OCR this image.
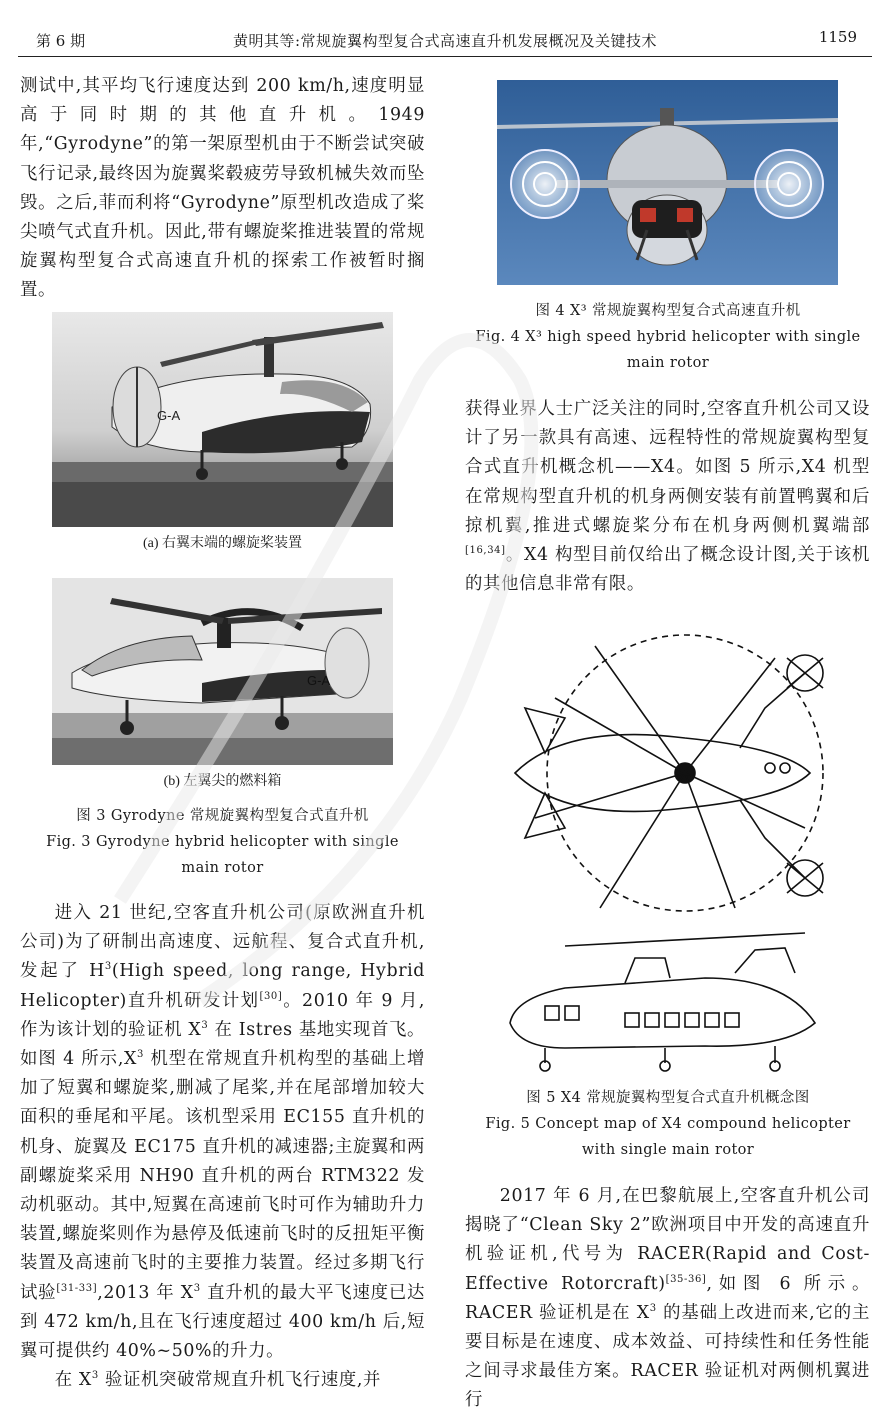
第 6 期	黄明其等:常规旋翼构型复合式高速直升机发展概况及关键技术	1159

测试中,其平均飞行速度达到 200 km/h,速度明显高于同时期的其他直升机。1949 年,“Gyrodyne”的第一架原型机由于不断尝试突破飞行记录,最终因为旋翼桨毂疲劳导致机械失效而坠毁。之后,菲而利将“Gyrodyne”原型机改造成了桨尖喷气式直升机。因此,带有螺旋桨推进装置的常规旋翼构型复合式高速直升机的探索工作被暂时搁置。

G-A
(a) 右翼末端的螺旋桨装置
G-A
(b) 左翼尖的燃料箱
图 3 Gyrodyne 常规旋翼构型复合式直升机
Fig. 3 Gyrodyne hybrid helicopter with single
main rotor

进入 21 世纪,空客直升机公司(原欧洲直升机公司)为了研制出高速度、远航程、复合式直升机,发起了 $H^3(High$ speed, long range, Hybrid Helicopter)直升机研发计划[30]。2010 年 9 月,作为该计划的验证机 $X^3$ 在 Istres 基地实现首飞。如图 4 所示$,X^3$ 机型在常规直升机构型的基础上增加了短翼和螺旋桨,删减了尾桨,并在尾部增加较大面积的垂尾和平尾。该机型采用 EC155 直升机的机身、旋翼及 EC175 直升机的减速器;主旋翼和两副螺旋桨采用 NH90 直升机的两台 RTM322 发动机驱动。其中,短翼在高速前飞时可作为辅助升力装置,螺旋桨则作为悬停及低速前飞时的反扭矩平衡装置及高速前飞时的主要推力装置。经过多期飞行试验[31-33],2013 年 $X^3$ 直升机的最大平飞速度已达到 472 km/h,且在飞行速度超过 400 km/h 后,短翼可提供约 40%~50%的升力。

在 $X^3$ 验证机突破常规直升机飞行速度,并

图 4 X³ 常规旋翼构型复合式高速直升机
Fig. 4 X³ high speed hybrid helicopter with single
main rotor

获得业界人士广泛关注的同时,空客直升机公司又设计了另一款具有高速、远程特性的常规旋翼构型复合式直升机概念机——X4。如图 5 所示,X4 机型在常规构型直升机的机身两侧安装有前置鸭翼和后掠机翼,推进式螺旋桨分布在机身两侧机翼端部[16,34]。X4 构型目前仅给出了概念设计图,关于该机的其他信息非常有限。

图 5 X4 常规旋翼构型复合式直升机概念图
Fig. 5 Concept map of X4 compound helicopter
with single main rotor

2017 年 6 月,在巴黎航展上,空客直升机公司揭晓了“Clean Sky 2”欧洲项目中开发的高速直升机验证机,代号为 RACER(Rapid and Cost-Effective Rotorcraft)[35-36],如图 6 所示。RACER 验证机是在 $X^3$ 的基础上改进而来,它的主要目标是在速度、成本效益、可持续性和任务性能之间寻求最佳方案。RACER 验证机对两侧机翼进行
